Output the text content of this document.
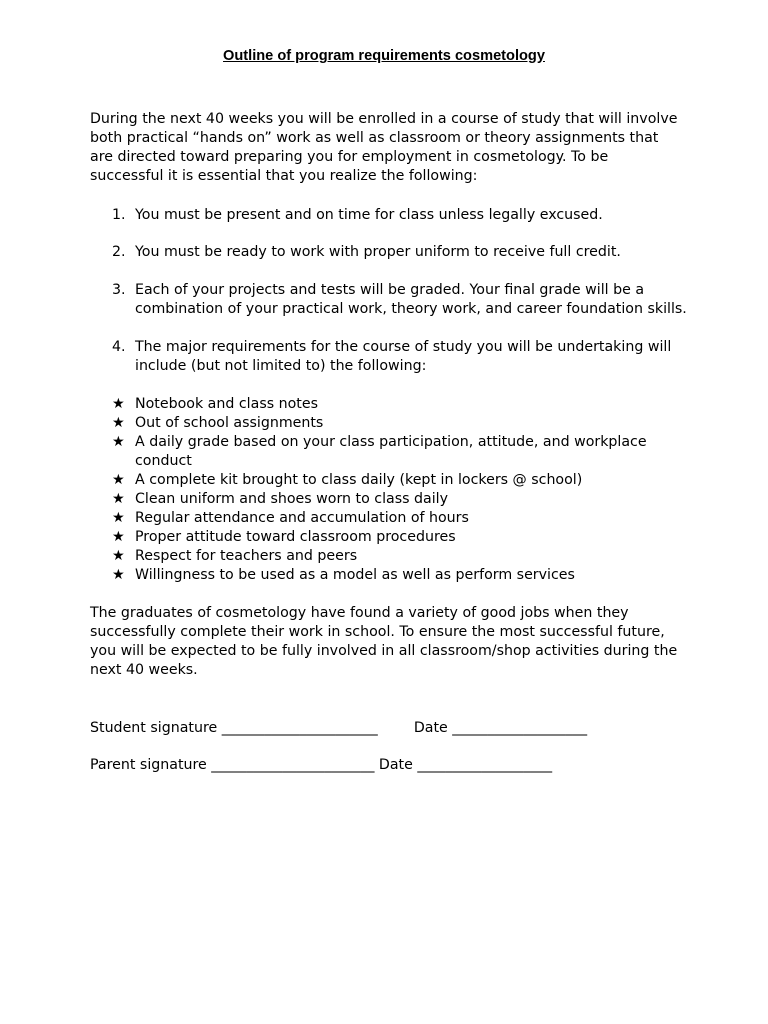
Outline of program requirements cosmetology

During the next 40 weeks you will be enrolled in a course of study that will involve both practical “hands on” work as well as classroom or theory assignments that are directed toward preparing you for employment in cosmetology. To be successful it is essential that you realize the following:

1. You must be present and on time for class unless legally excused.
2. You must be ready to work with proper uniform to receive full credit.
3. Each of your projects and tests will be graded. Your final grade will be a combination of your practical work, theory work, and career foundation skills.
4. The major requirements for the course of study you will be undertaking will include (but not limited to) the following:
★ Notebook and class notes
★ Out of school assignments
★ A daily grade based on your class participation, attitude, and workplace conduct
★ A complete kit brought to class daily (kept in lockers @ school)
★ Clean uniform and shoes worn to class daily
★ Regular attendance and accumulation of hours
★ Proper attitude toward classroom procedures
★ Respect for teachers and peers
★ Willingness to be used as a model as well as perform services

The graduates of cosmetology have found a variety of good jobs when they successfully complete their work in school. To ensure the most successful future, you will be expected to be fully involved in all classroom/shop activities during the next 40 weeks.

Student signature ______________________        Date ___________________

Parent signature _______________________ Date ___________________
